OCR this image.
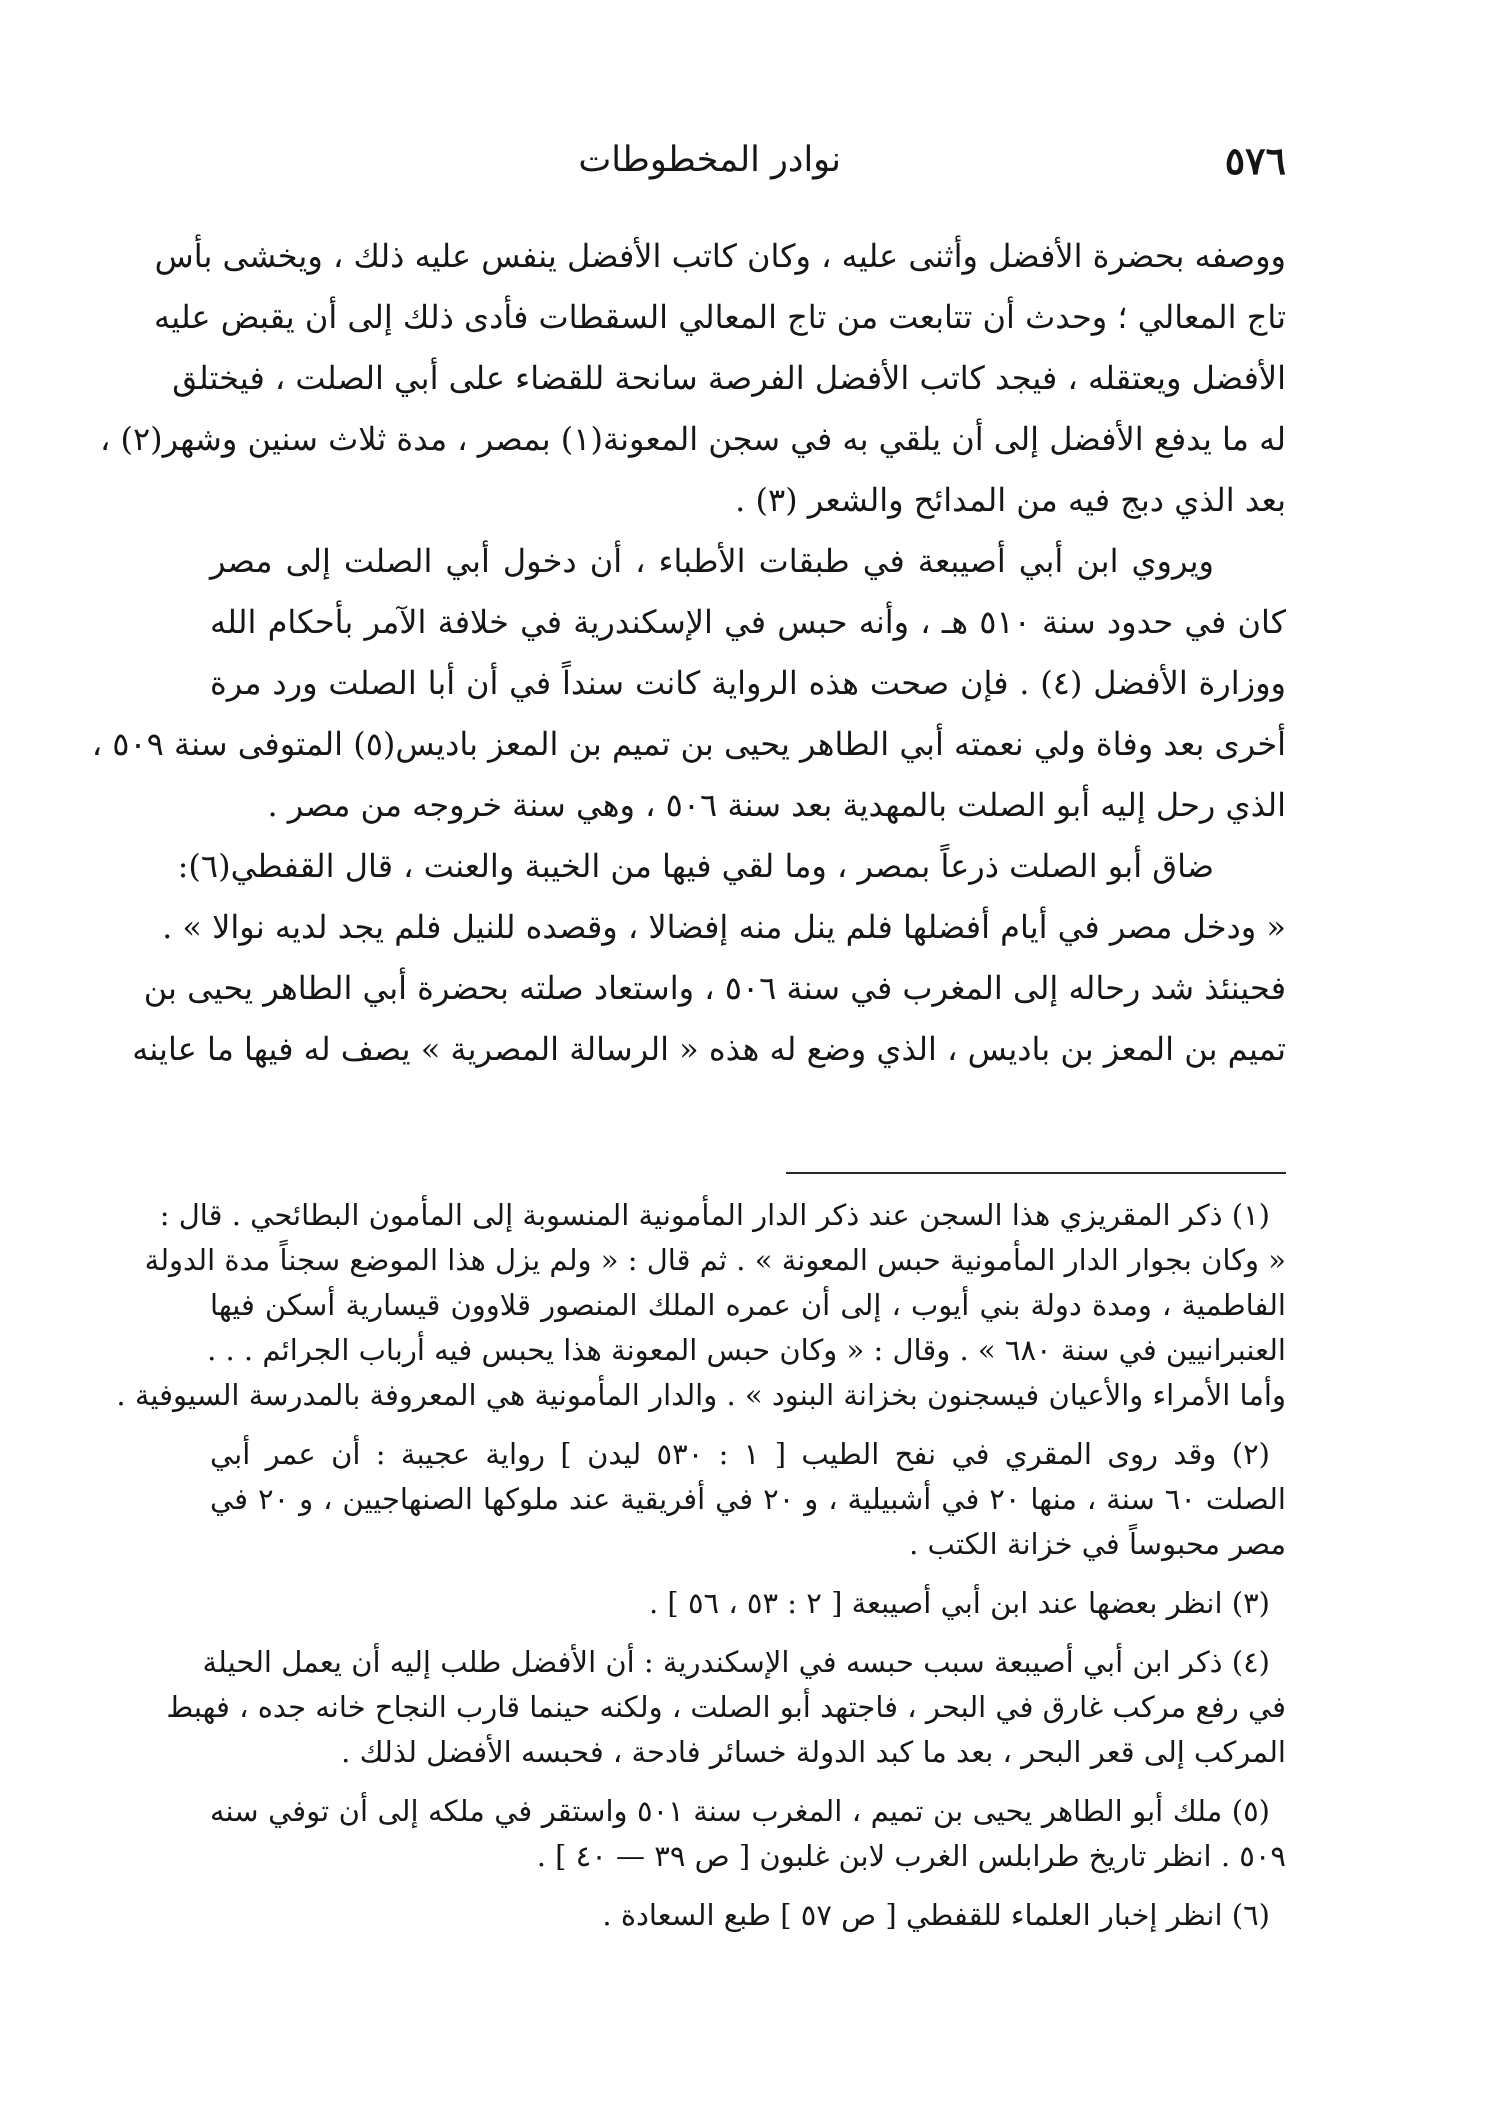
٥٧٦
نوادر المخطوطات
ووصفه بحضرة الأفضل وأثنى عليه ، وكان كاتب الأفضل ينفس عليه ذلك ، ويخشى بأس
تاج المعالي ؛ وحدث أن تتابعت من تاج المعالي السقطات فأدى ذلك إلى أن يقبض عليه
الأفضل ويعتقله ، فيجد كاتب الأفضل الفرصة سانحة للقضاء على أبي الصلت ، فيختلق
له ما يدفع الأفضل إلى أن يلقي به في سجن المعونة(١) بمصر ، مدة ثلاث سنين وشهر(٢) ،
بعد الذي دبج فيه من المدائح والشعر (٣) .
ويروي ابن أبي أصيبعة في طبقات الأطباء ، أن دخول أبي الصلت إلى مصر
كان في حدود سنة ٥١٠ هـ ، وأنه حبس في الإسكندرية في خلافة الآمر بأحكام الله
ووزارة الأفضل (٤) . فإن صحت هذه الرواية كانت سنداً في أن أبا الصلت ورد مرة
أخرى بعد وفاة ولي نعمته أبي الطاهر يحيى بن تميم بن المعز باديس(٥) المتوفى سنة ٥٠٩ ،
الذي رحل إليه أبو الصلت بالمهدية بعد سنة ٥٠٦ ، وهي سنة خروجه من مصر .
ضاق أبو الصلت ذرعاً بمصر ، وما لقي فيها من الخيبة والعنت ، قال القفطي(٦):
« ودخل مصر في أيام أفضلها فلم ينل منه إفضالا ، وقصده للنيل فلم يجد لديه نوالا » .
فحينئذ شد رحاله إلى المغرب في سنة ٥٠٦ ، واستعاد صلته بحضرة أبي الطاهر يحيى بن
تميم بن المعز بن باديس ، الذي وضع له هذه « الرسالة المصرية » يصف له فيها ما عاينه
(١) ذكر المقريزي هذا السجن عند ذكر الدار المأمونية المنسوبة إلى المأمون البطائحي . قال :
« وكان بجوار الدار المأمونية حبس المعونة » . ثم قال : « ولم يزل هذا الموضع سجناً مدة الدولة
الفاطمية ، ومدة دولة بني أيوب ، إلى أن عمره الملك المنصور قلاوون قيسارية أسكن فيها
العنبرانيين في سنة ٦٨٠ » . وقال : « وكان حبس المعونة هذا يحبس فيه أرباب الجرائم . . .
وأما الأمراء والأعيان فيسجنون بخزانة البنود » . والدار المأمونية هي المعروفة بالمدرسة السيوفية .
(٢) وقد روى المقري في نفح الطيب [ ١ : ٥٣٠ ليدن ] رواية عجيبة : أن عمر أبي
الصلت ٦٠ سنة ، منها ٢٠ في أشبيلية ، و ٢٠ في أفريقية عند ملوكها الصنهاجيين ، و ٢٠ في
مصر محبوساً في خزانة الكتب .
(٣) انظر بعضها عند ابن أبي أصيبعة [ ٢ : ٥٣ ، ٥٦ ] .
(٤) ذكر ابن أبي أصيبعة سبب حبسه في الإسكندرية : أن الأفضل طلب إليه أن يعمل الحيلة
في رفع مركب غارق في البحر ، فاجتهد أبو الصلت ، ولكنه حينما قارب النجاح خانه جده ، فهبط
المركب إلى قعر البحر ، بعد ما كبد الدولة خسائر فادحة ، فحبسه الأفضل لذلك .
(٥) ملك أبو الطاهر يحيى بن تميم ، المغرب سنة ٥٠١ واستقر في ملكه إلى أن توفي سنه
٥٠٩ . انظر تاريخ طرابلس الغرب لابن غلبون [ ص ٣٩ — ٤٠ ] .
(٦) انظر إخبار العلماء للقفطي [ ص ٥٧ ] طبع السعادة .
